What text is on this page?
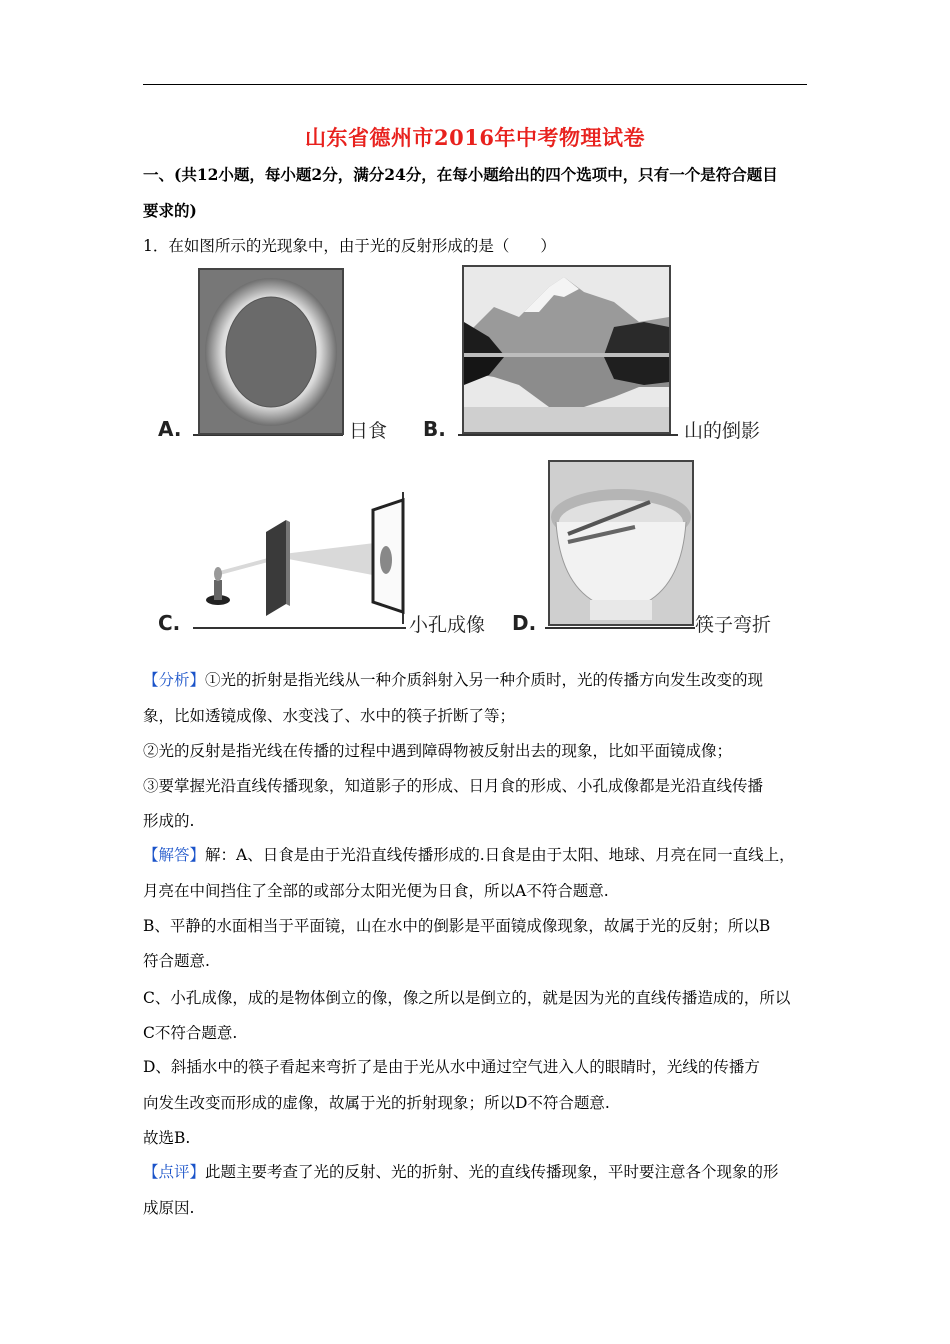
山东省德州市2016年中考物理试卷
一、(共12小题，每小题2分，满分24分，在每小题给出的四个选项中，只有一个是符合题目
要求的)
1．在如图所示的光现象中，由于光的反射形成的是（　　）
A.	日食 B.	山的倒影
C.	小孔成像 D.	筷子弯折
【分析】①光的折射是指光线从一种介质斜射入另一种介质时，光的传播方向发生改变的现
象，比如透镜成像、水变浅了、水中的筷子折断了等；
②光的反射是指光线在传播的过程中遇到障碍物被反射出去的现象，比如平面镜成像；
③要掌握光沿直线传播现象，知道影子的形成、日月食的形成、小孔成像都是光沿直线传播
形成的.
【解答】解：A、日食是由于光沿直线传播形成的.日食是由于太阳、地球、月亮在同一直线上，
月亮在中间挡住了全部的或部分太阳光便为日食，所以A不符合题意.
B、平静的水面相当于平面镜，山在水中的倒影是平面镜成像现象，故属于光的反射；所以B
符合题意.
C、小孔成像，成的是物体倒立的像，像之所以是倒立的，就是因为光的直线传播造成的，所以
C不符合题意.
D、斜插水中的筷子看起来弯折了是由于光从水中通过空气进入人的眼睛时，光线的传播方
向发生改变而形成的虚像，故属于光的折射现象；所以D不符合题意.
故选B.
【点评】此题主要考查了光的反射、光的折射、光的直线传播现象，平时要注意各个现象的形
成原因.
